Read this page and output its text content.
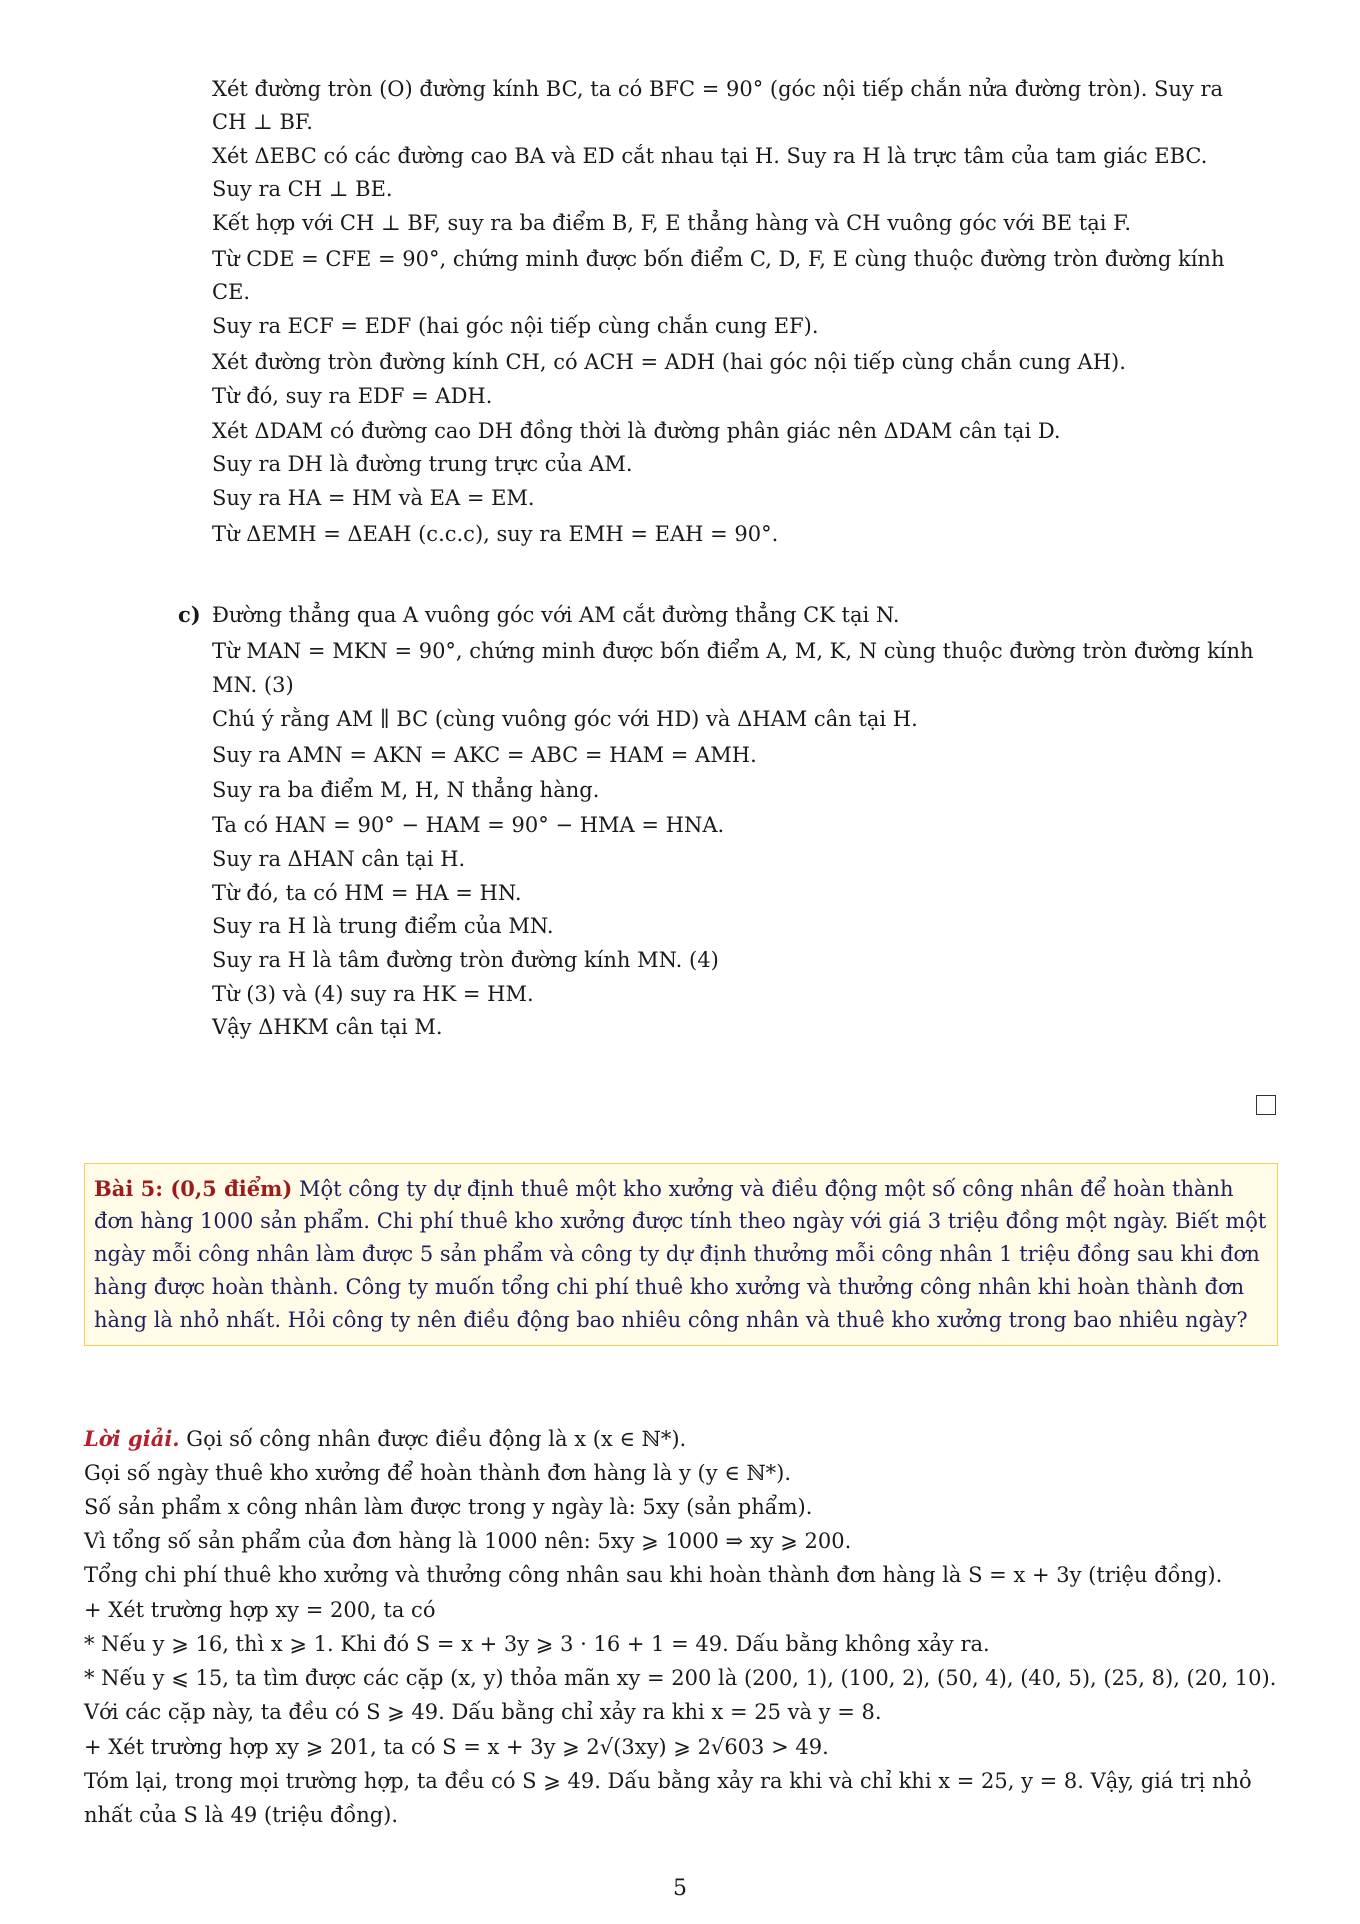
Xét đường tròn (O) đường kính BC, ta có BFC = 90° (góc nội tiếp chắn nửa đường tròn). Suy ra
CH ⊥ BF.
Xét ΔEBC có các đường cao BA và ED cắt nhau tại H. Suy ra H là trực tâm của tam giác EBC.
Suy ra CH ⊥ BE.
Kết hợp với CH ⊥ BF, suy ra ba điểm B, F, E thẳng hàng và CH vuông góc với BE tại F.
Từ CDE = CFE = 90°, chứng minh được bốn điểm C, D, F, E cùng thuộc đường tròn đường kính
CE.
Suy ra ECF = EDF (hai góc nội tiếp cùng chắn cung EF).
Xét đường tròn đường kính CH, có ACH = ADH (hai góc nội tiếp cùng chắn cung AH).
Từ đó, suy ra EDF = ADH.
Xét ΔDAM có đường cao DH đồng thời là đường phân giác nên ΔDAM cân tại D.
Suy ra DH là đường trung trực của AM.
Suy ra HA = HM và EA = EM.
Từ ΔEMH = ΔEAH (c.c.c), suy ra EMH = EAH = 90°.
c) Đường thẳng qua A vuông góc với AM cắt đường thẳng CK tại N.
Từ MAN = MKN = 90°, chứng minh được bốn điểm A, M, K, N cùng thuộc đường tròn đường kính
MN. (3)
Chú ý rằng AM ∥ BC (cùng vuông góc với HD) và ΔHAM cân tại H.
Suy ra AMN = AKN = AKC = ABC = HAM = AMH.
Suy ra ba điểm M, H, N thẳng hàng.
Ta có HAN = 90° − HAM = 90° − HMA = HNA.
Suy ra ΔHAN cân tại H.
Từ đó, ta có HM = HA = HN.
Suy ra H là trung điểm của MN.
Suy ra H là tâm đường tròn đường kính MN. (4)
Từ (3) và (4) suy ra HK = HM.
Vậy ΔHKM cân tại M.
Bài 5: (0,5 điểm) Một công ty dự định thuê một kho xưởng và điều động một số công nhân để hoàn thành
đơn hàng 1000 sản phẩm. Chi phí thuê kho xưởng được tính theo ngày với giá 3 triệu đồng một ngày. Biết một
ngày mỗi công nhân làm được 5 sản phẩm và công ty dự định thưởng mỗi công nhân 1 triệu đồng sau khi đơn
hàng được hoàn thành. Công ty muốn tổng chi phí thuê kho xưởng và thưởng công nhân khi hoàn thành đơn
hàng là nhỏ nhất. Hỏi công ty nên điều động bao nhiêu công nhân và thuê kho xưởng trong bao nhiêu ngày?
Lời giải. Gọi số công nhân được điều động là x (x ∈ ℕ*).
Gọi số ngày thuê kho xưởng để hoàn thành đơn hàng là y (y ∈ ℕ*).
Số sản phẩm x công nhân làm được trong y ngày là: 5xy (sản phẩm).
Vì tổng số sản phẩm của đơn hàng là 1000 nên: 5xy ⩾ 1000 ⇒ xy ⩾ 200.
Tổng chi phí thuê kho xưởng và thưởng công nhân sau khi hoàn thành đơn hàng là S = x + 3y (triệu đồng).
+ Xét trường hợp xy = 200, ta có
* Nếu y ⩾ 16, thì x ⩾ 1. Khi đó S = x + 3y ⩾ 3 · 16 + 1 = 49. Dấu bằng không xảy ra.
* Nếu y ⩽ 15, ta tìm được các cặp (x, y) thỏa mãn xy = 200 là (200, 1), (100, 2), (50, 4), (40, 5), (25, 8), (20, 10).
Với các cặp này, ta đều có S ⩾ 49. Dấu bằng chỉ xảy ra khi x = 25 và y = 8.
+ Xét trường hợp xy ⩾ 201, ta có S = x + 3y ⩾ 2√(3xy) ⩾ 2√603 > 49.
Tóm lại, trong mọi trường hợp, ta đều có S ⩾ 49. Dấu bằng xảy ra khi và chỉ khi x = 25, y = 8. Vậy, giá trị nhỏ
nhất của S là 49 (triệu đồng).
5
